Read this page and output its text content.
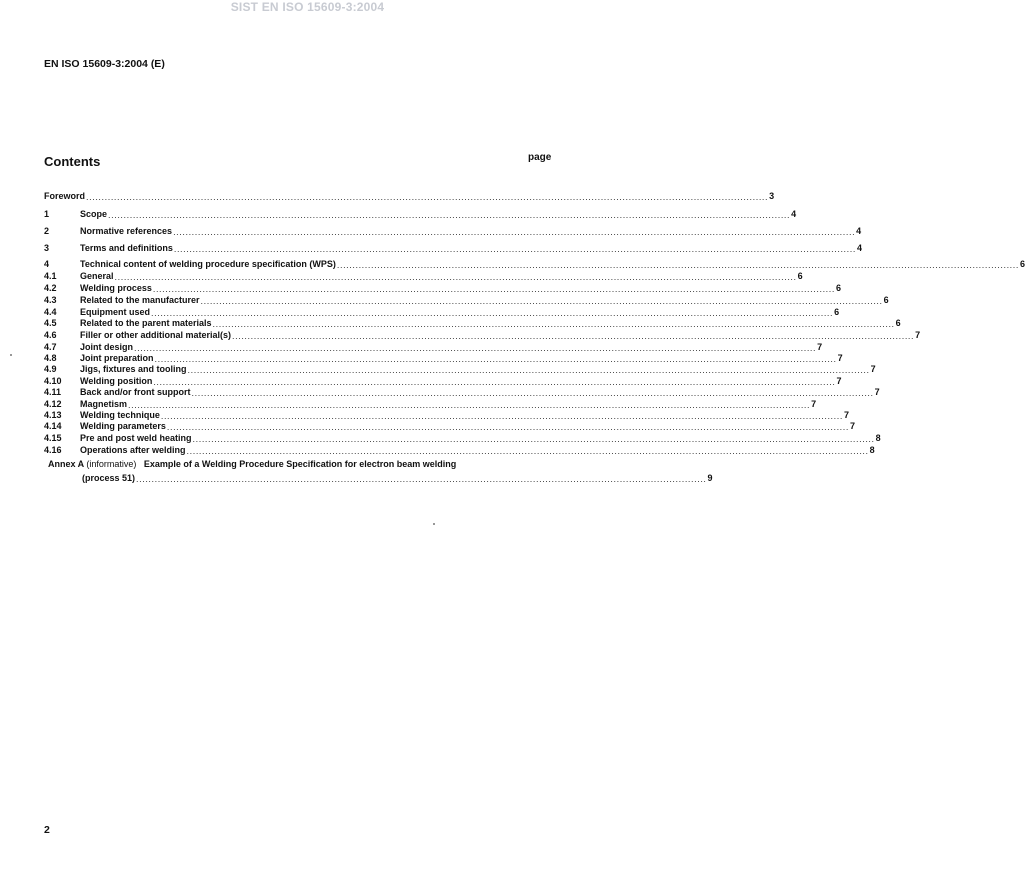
SIST EN ISO 15609-3:2004
EN ISO 15609-3:2004 (E)
Contents	page
Foreword ............................................................................................................................................................................................................................ 3
1	Scope ............................................................................................................................................................................................................................ 4
2	Normative references ............................................................................................................................................................................................................................ 4
3	Terms and definitions ............................................................................................................................................................................................................................ 4
4	Technical content of welding procedure specification (WPS) ............................................................................................................................................................................................................................ 6
4.1	General ............................................................................................................................................................................................................................ 6
4.2	Welding process ............................................................................................................................................................................................................................ 6
4.3	Related to the manufacturer ............................................................................................................................................................................................................................ 6
4.4	Equipment used ............................................................................................................................................................................................................................ 6
4.5	Related to the parent materials ............................................................................................................................................................................................................................ 6
4.6	Filler or other additional material(s) ............................................................................................................................................................................................................................ 7
4.7	Joint design ............................................................................................................................................................................................................................ 7
4.8	Joint preparation ............................................................................................................................................................................................................................ 7
4.9	Jigs, fixtures and tooling ............................................................................................................................................................................................................................ 7
4.10	Welding position ............................................................................................................................................................................................................................ 7
4.11	Back and/or front support ............................................................................................................................................................................................................................ 7
4.12	Magnetism ............................................................................................................................................................................................................................ 7
4.13	Welding technique ............................................................................................................................................................................................................................ 7
4.14	Welding parameters ............................................................................................................................................................................................................................ 7
4.15	Pre and post weld heating ............................................................................................................................................................................................................................ 8
4.16	Operations after welding ............................................................................................................................................................................................................................ 8
Annex A (informative) Example of a Welding Procedure Specification for electron beam welding
(process 51) ........................................................................................................................................................................................ 9
2
